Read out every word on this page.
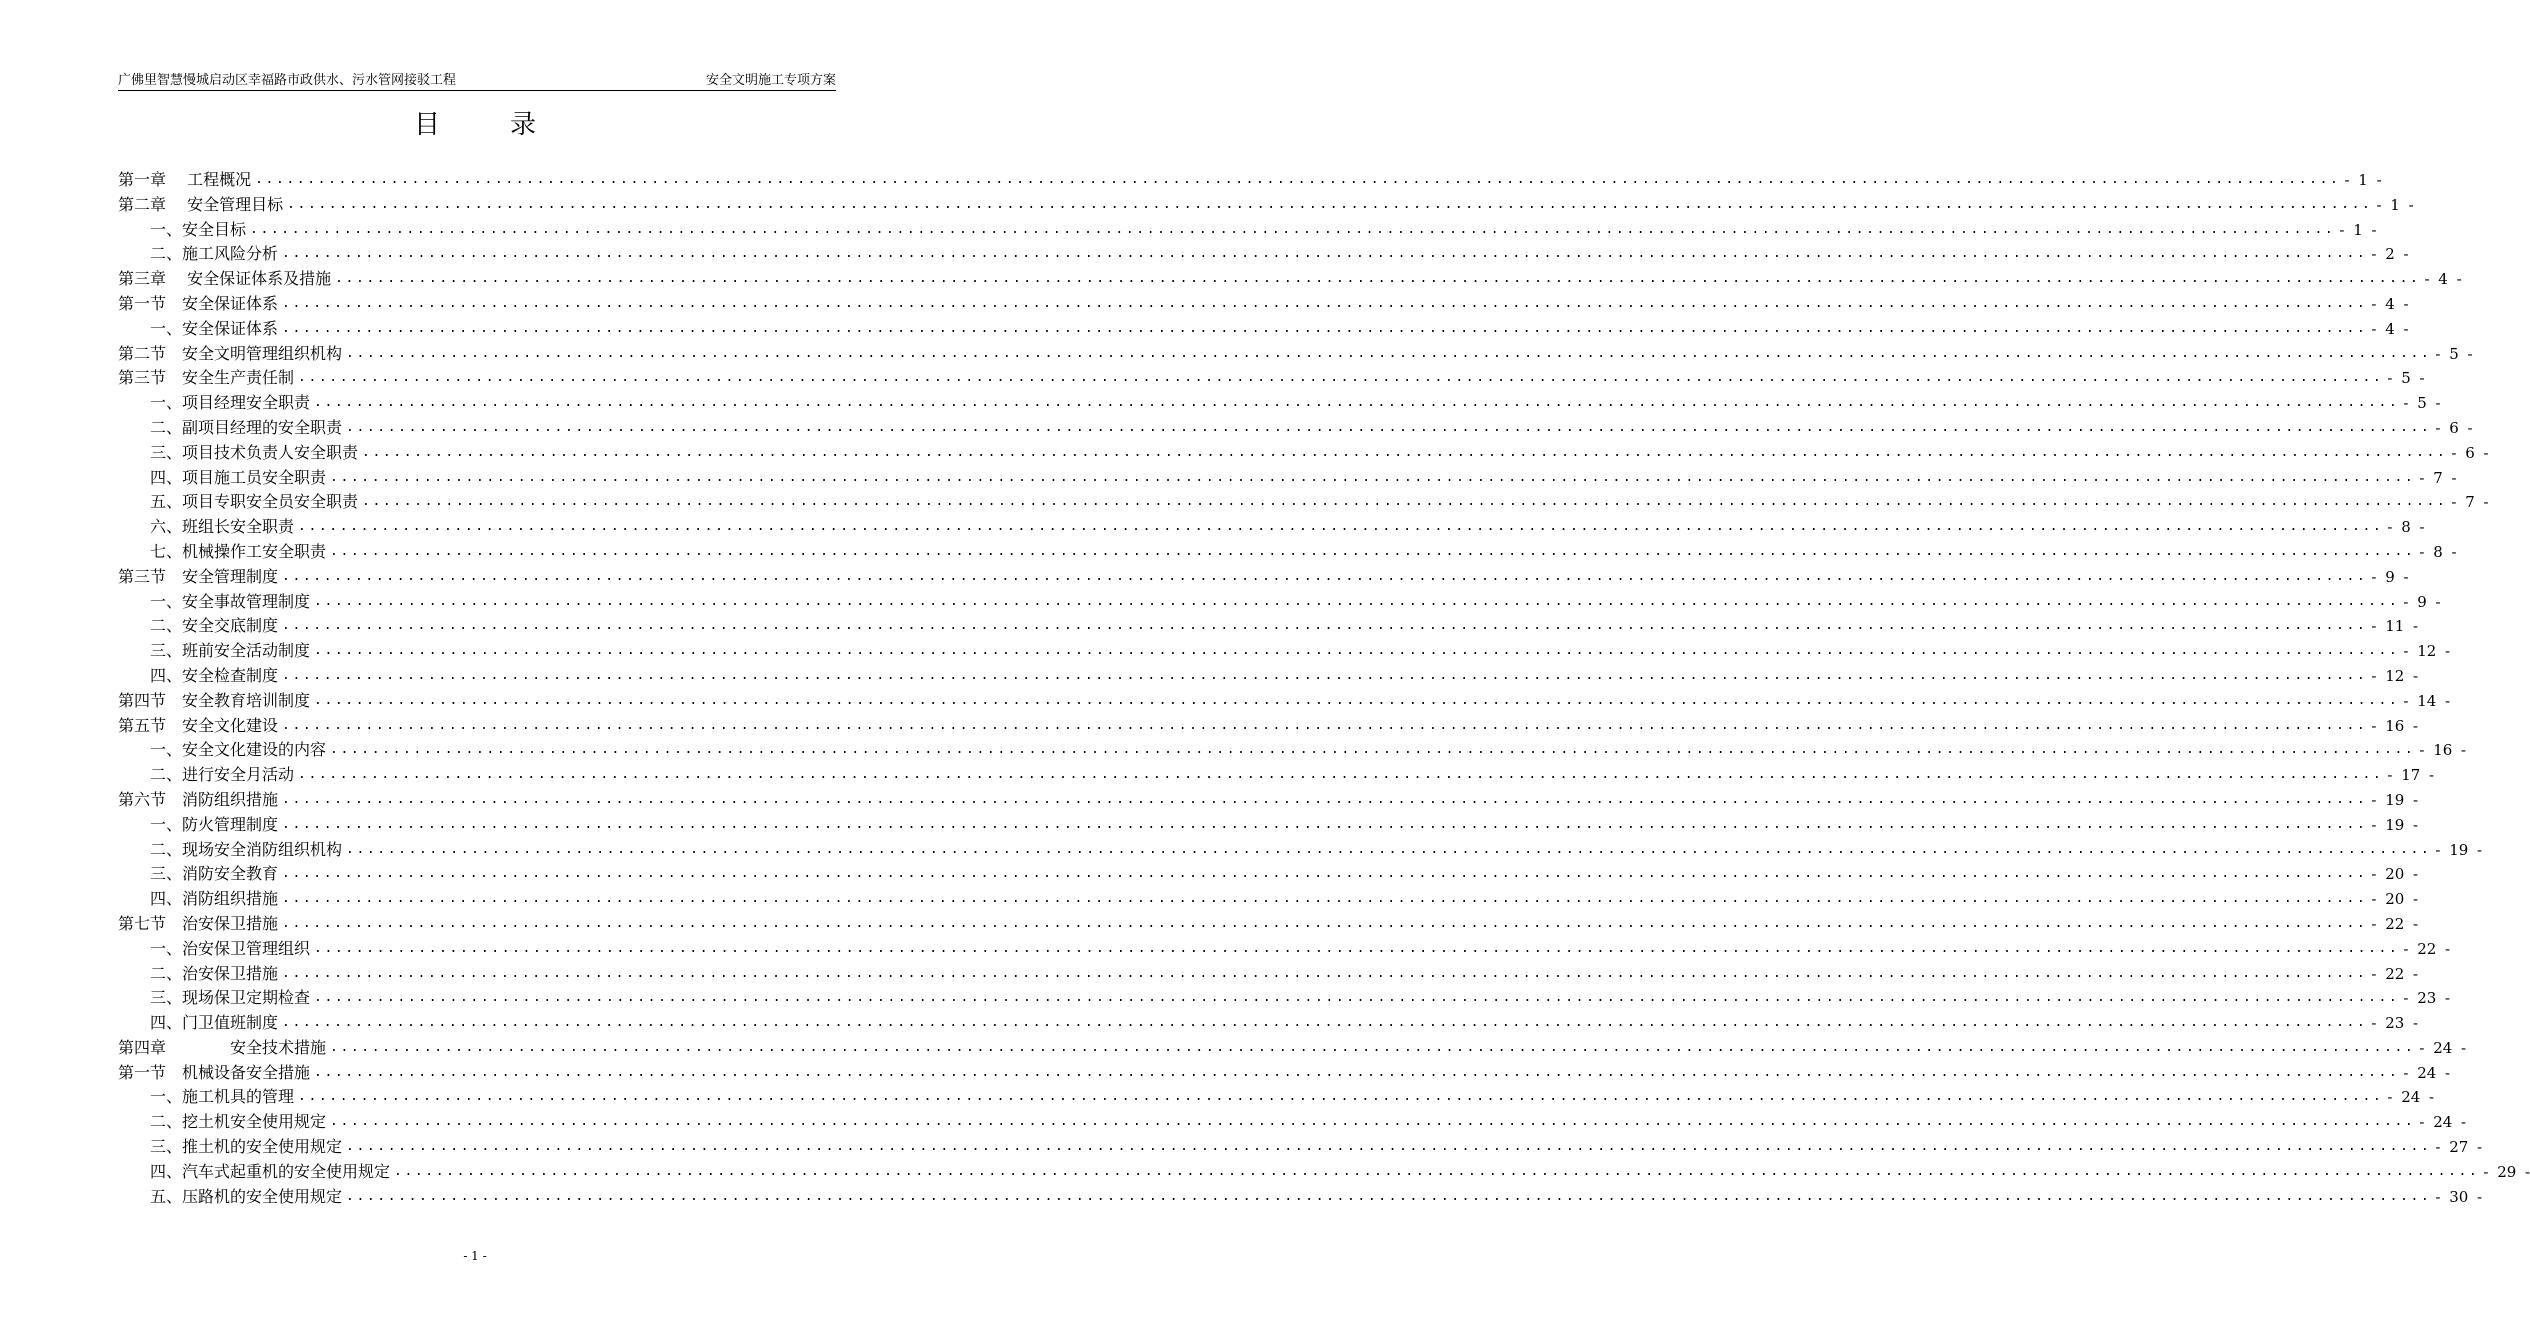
广佛里智慧慢城启动区幸福路市政供水、污水管网接驳工程	安全文明施工专项方案
目　录
第一章　 工程概况 ........................................................................................................................................................................................................ - 1 -
第二章　 安全管理目标 ........................................................................................................................................................................................................ - 1 -
一、安全目标 ........................................................................................................................................................................................................ - 1 -
二、施工风险分析 ........................................................................................................................................................................................................ - 2 -
第三章　 安全保证体系及措施 ........................................................................................................................................................................................................ - 4 -
第一节　安全保证体系 ........................................................................................................................................................................................................ - 4 -
一、安全保证体系 ........................................................................................................................................................................................................ - 4 -
第二节　安全文明管理组织机构 ........................................................................................................................................................................................................ - 5 -
第三节　安全生产责任制 ........................................................................................................................................................................................................ - 5 -
一、项目经理安全职责 ........................................................................................................................................................................................................ - 5 -
二、副项目经理的安全职责 ........................................................................................................................................................................................................ - 6 -
三、项目技术负责人安全职责 ........................................................................................................................................................................................................ - 6 -
四、项目施工员安全职责 ........................................................................................................................................................................................................ - 7 -
五、项目专职安全员安全职责 ........................................................................................................................................................................................................ - 7 -
六、班组长安全职责 ........................................................................................................................................................................................................ - 8 -
七、机械操作工安全职责 ........................................................................................................................................................................................................ - 8 -
第三节　安全管理制度 ........................................................................................................................................................................................................ - 9 -
一、安全事故管理制度 ........................................................................................................................................................................................................ - 9 -
二、安全交底制度 ........................................................................................................................................................................................................ - 11 -
三、班前安全活动制度 ........................................................................................................................................................................................................ - 12 -
四、安全检查制度 ........................................................................................................................................................................................................ - 12 -
第四节　安全教育培训制度 ........................................................................................................................................................................................................ - 14 -
第五节　安全文化建设 ........................................................................................................................................................................................................ - 16 -
一、安全文化建设的内容 ........................................................................................................................................................................................................ - 16 -
二、进行安全月活动 ........................................................................................................................................................................................................ - 17 -
第六节　消防组织措施 ........................................................................................................................................................................................................ - 19 -
一、防火管理制度 ........................................................................................................................................................................................................ - 19 -
二、现场安全消防组织机构 ........................................................................................................................................................................................................ - 19 -
三、消防安全教育 ........................................................................................................................................................................................................ - 20 -
四、消防组织措施 ........................................................................................................................................................................................................ - 20 -
第七节　治安保卫措施 ........................................................................................................................................................................................................ - 22 -
一、治安保卫管理组织 ........................................................................................................................................................................................................ - 22 -
二、治安保卫措施 ........................................................................................................................................................................................................ - 22 -
三、现场保卫定期检查 ........................................................................................................................................................................................................ - 23 -
四、门卫值班制度 ........................................................................................................................................................................................................ - 23 -
第四章　　　　安全技术措施 ........................................................................................................................................................................................................ - 24 -
第一节　机械设备安全措施 ........................................................................................................................................................................................................ - 24 -
一、施工机具的管理 ........................................................................................................................................................................................................ - 24 -
二、挖土机安全使用规定 ........................................................................................................................................................................................................ - 24 -
三、推土机的安全使用规定 ........................................................................................................................................................................................................ - 27 -
四、汽车式起重机的安全使用规定 ........................................................................................................................................................................................................ - 29 -
五、压路机的安全使用规定 ........................................................................................................................................................................................................ - 30 -
- 1 -
